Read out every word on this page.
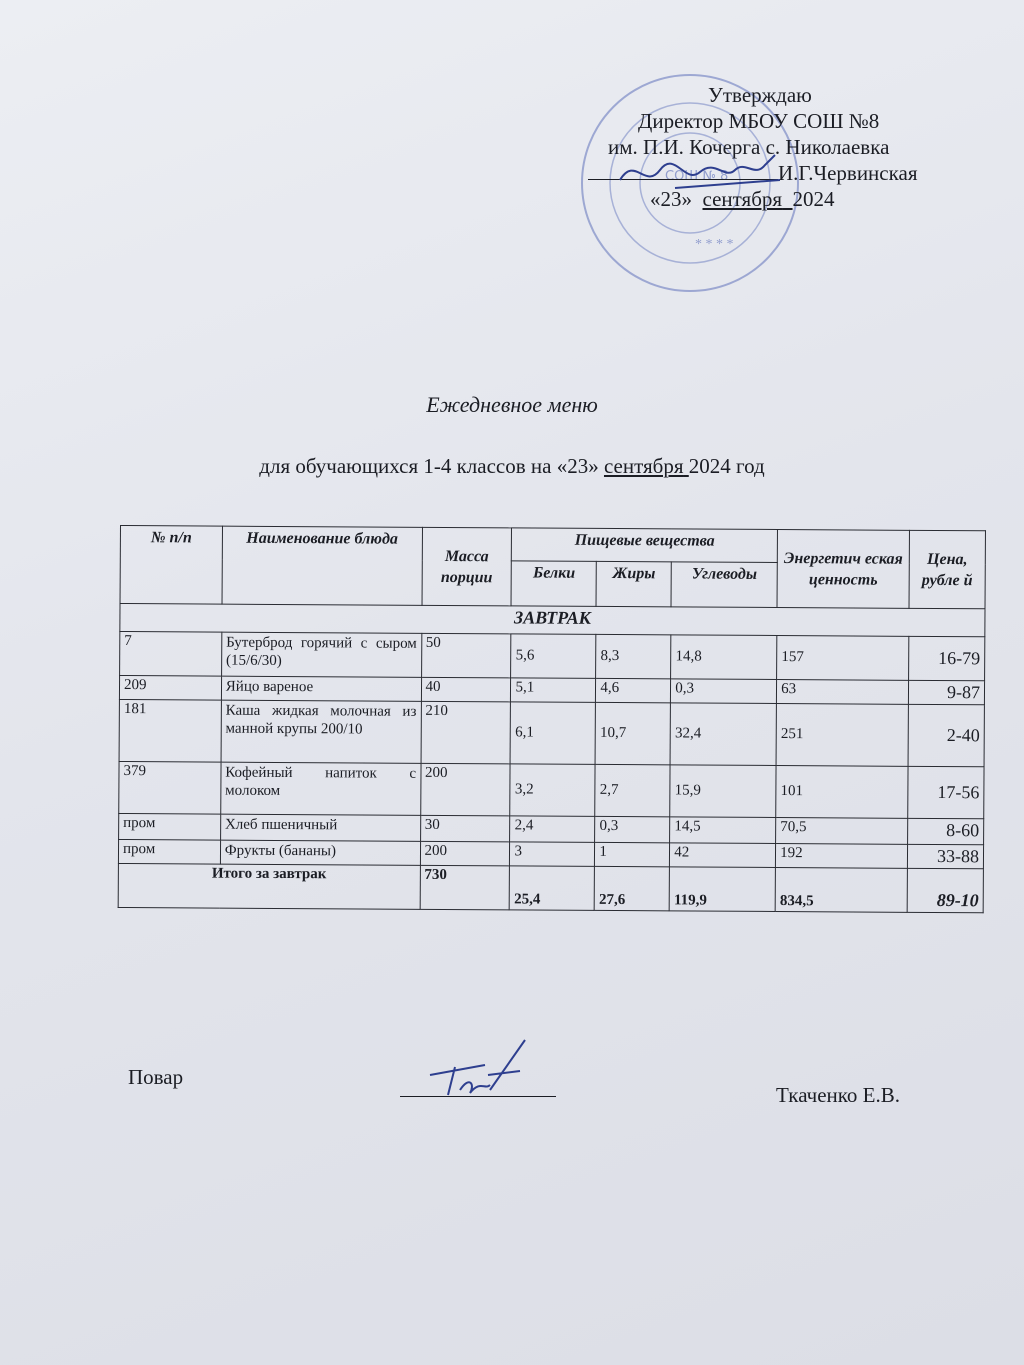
СОШ № 8
* * * *
Утверждаю
Директор МБОУ СОШ №8
им. П.И. Кочерга с. Николаевка
И.Г.Червинская
«23» сентября 2024
Ежедневное меню
для обучающихся 1-4 классов на «23» сентября 2024 год
№ п/п	Наименование блюда	Масса порции	Пищевые вещества			Энергетич еская ценность	Цена, рубле й
			Белки	Жиры	Углеводы		
ЗАВТРАК							
7	Бутерброд горячий с сыром (15/6/30)	50	5,6	8,3	14,8	157	16-79
209	Яйцо вареное	40	5,1	4,6	0,3	63	9-87
181	Каша жидкая молочная из манной крупы 200/10	210	6,1	10,7	32,4	251	2-40
379	Кофейный напиток с молоком	200	3,2	2,7	15,9	101	17-56
пром	Хлеб пшеничный	30	2,4	0,3	14,5	70,5	8-60
пром	Фрукты (бананы)	200	3	1	42	192	33-88
Итого за завтрак		730	25,4	27,6	119,9	834,5	89-10
Повар
Ткаченко Е.В.
